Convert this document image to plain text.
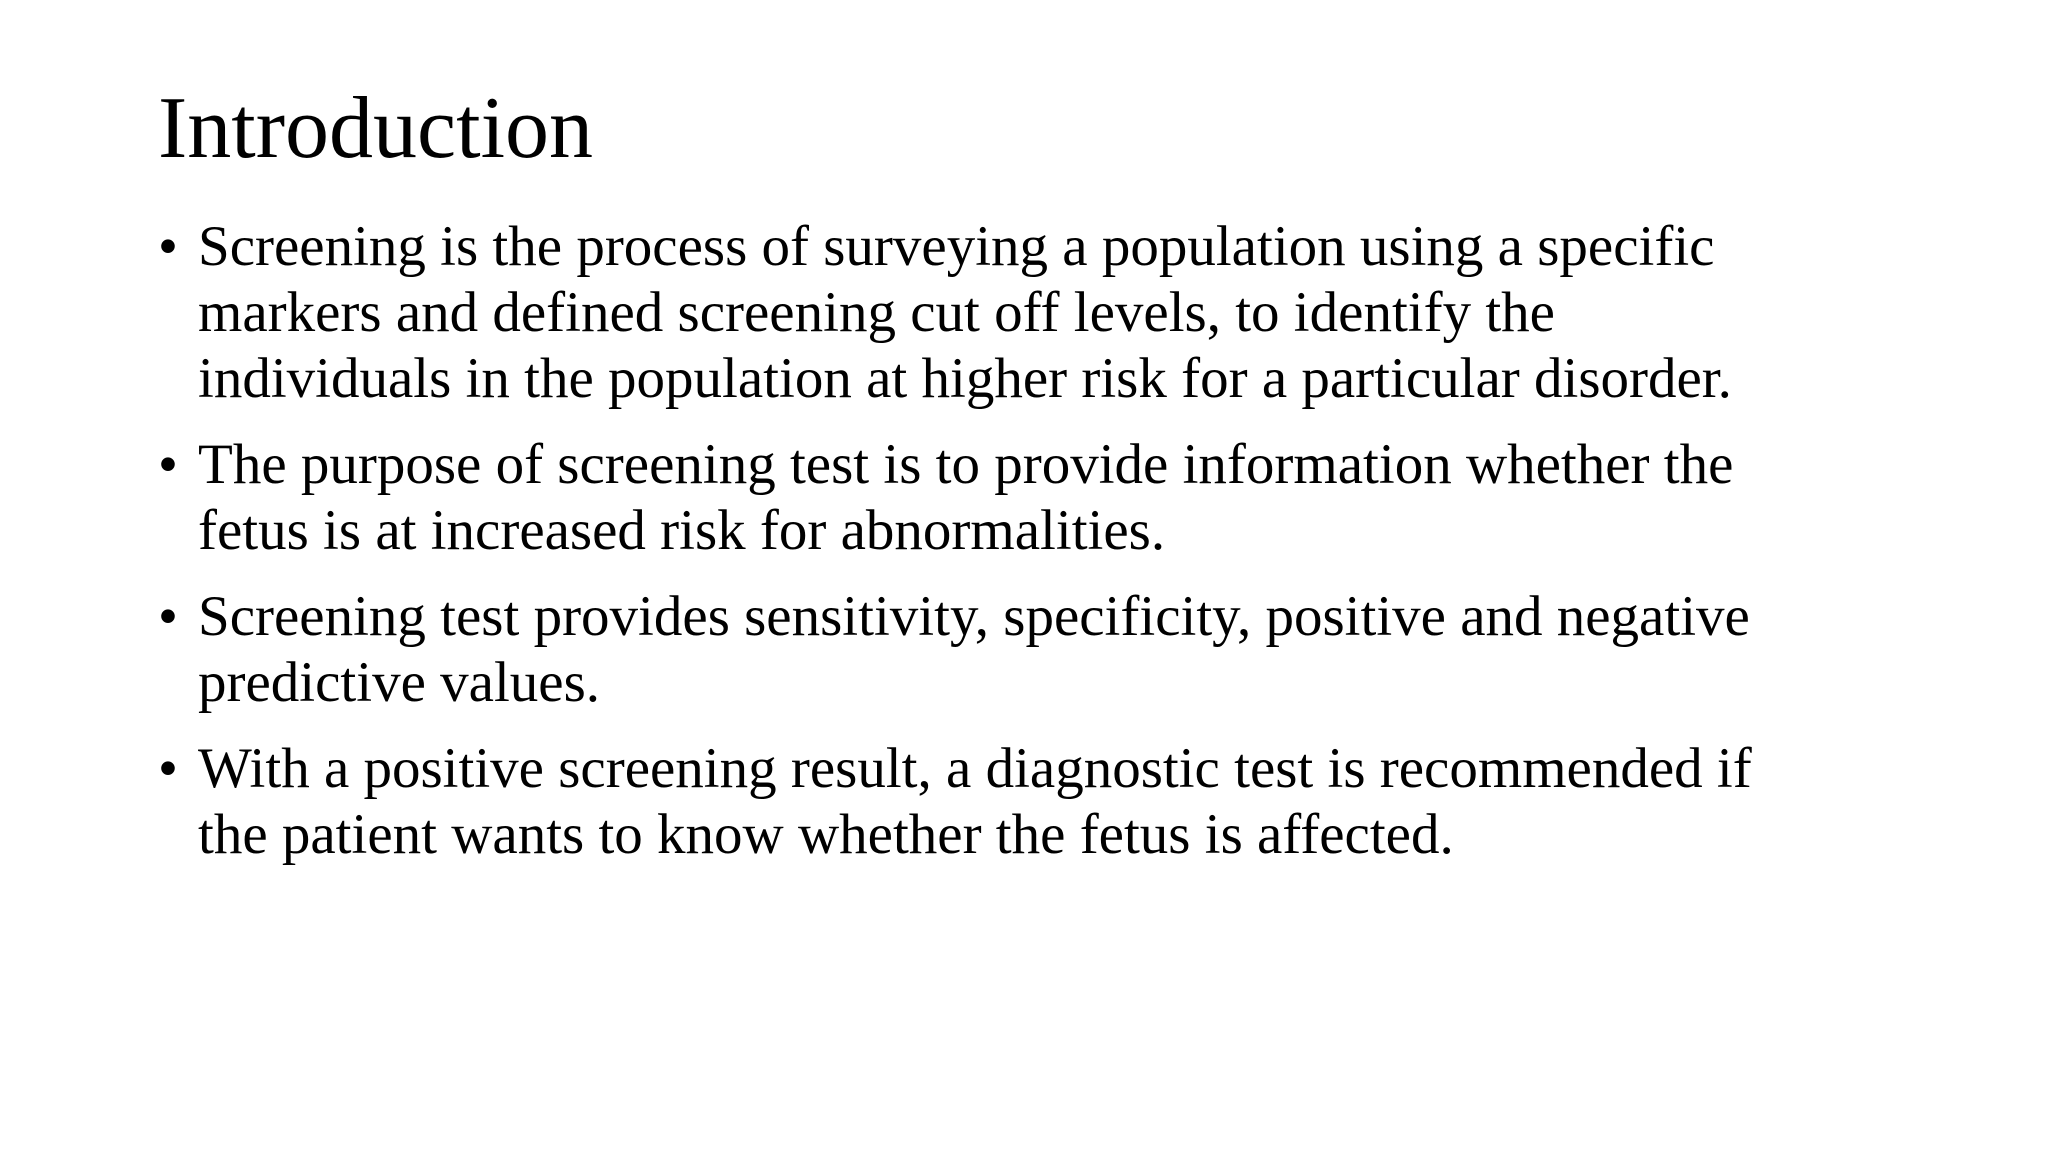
Introduction
• Screening is the process of surveying a population using a specific
markers and defined screening cut off levels, to identify the
individuals in the population at higher risk for a particular disorder.
• The purpose of screening test is to provide information whether the
fetus is at increased risk for abnormalities.
• Screening test provides sensitivity, specificity, positive and negative
predictive values.
• With a positive screening result, a diagnostic test is recommended if
the patient wants to know whether the fetus is affected.
